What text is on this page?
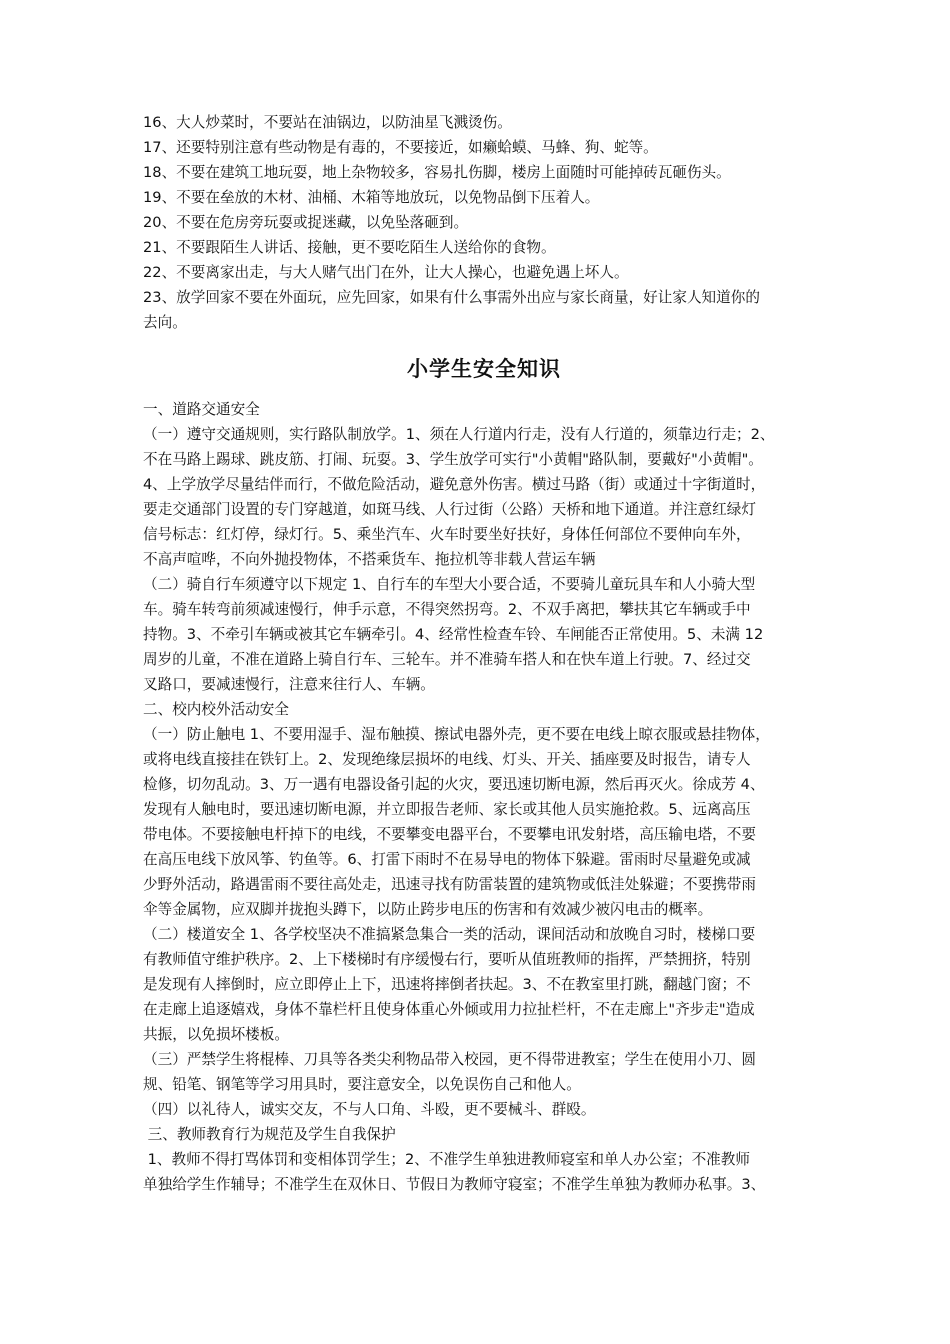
16、大人炒菜时，不要站在油锅边，以防油星飞溅烫伤。

17、还要特别注意有些动物是有毒的，不要接近，如癞蛤蟆、马蜂、狗、蛇等。

18、不要在建筑工地玩耍，地上杂物较多，容易扎伤脚，楼房上面随时可能掉砖瓦砸伤头。

19、不要在垒放的木材、油桶、木箱等地放玩，以免物品倒下压着人。

20、不要在危房旁玩耍或捉迷藏，以免坠落砸到。

21、不要跟陌生人讲话、接触，更不要吃陌生人送给你的食物。

22、不要离家出走，与大人赌气出门在外，让大人操心，也避免遇上坏人。

23、放学回家不要在外面玩，应先回家，如果有什么事需外出应与家长商量，好让家人知道你的

去向。

小学生安全知识

一、道路交通安全

（一）遵守交通规则，实行路队制放学。1、须在人行道内行走，没有人行道的，须靠边行走；2、

不在马路上踢球、跳皮筋、打闹、玩耍。3、学生放学可实行"小黄帽"路队制，要戴好"小黄帽"。

4、上学放学尽量结伴而行，不做危险活动，避免意外伤害。横过马路（街）或通过十字街道时，

要走交通部门设置的专门穿越道，如斑马线、人行过街（公路）天桥和地下通道。并注意红绿灯

信号标志：红灯停，绿灯行。5、乘坐汽车、火车时要坐好扶好，身体任何部位不要伸向车外，

不高声喧哗，不向外抛投物体，不搭乘货车、拖拉机等非载人营运车辆

（二）骑自行车须遵守以下规定 1、自行车的车型大小要合适，不要骑儿童玩具车和人小骑大型

车。骑车转弯前须减速慢行，伸手示意，不得突然拐弯。2、不双手离把，攀扶其它车辆或手中

持物。3、不牵引车辆或被其它车辆牵引。4、经常性检查车铃、车闸能否正常使用。5、未满 12

周岁的儿童，不准在道路上骑自行车、三轮车。并不准骑车搭人和在快车道上行驶。7、经过交

叉路口，要减速慢行，注意来往行人、车辆。

二、校内校外活动安全

（一）防止触电 1、不要用湿手、湿布触摸、擦试电器外壳，更不要在电线上晾衣服或悬挂物体，

或将电线直接挂在铁钉上。2、发现绝缘层损坏的电线、灯头、开关、插座要及时报告，请专人

检修，切勿乱动。3、万一遇有电器设备引起的火灾，要迅速切断电源，然后再灭火。徐成芳 4、

发现有人触电时，要迅速切断电源，并立即报告老师、家长或其他人员实施抢救。5、远离高压

带电体。不要接触电杆掉下的电线，不要攀变电器平台，不要攀电讯发射塔，高压输电塔，不要

在高压电线下放风筝、钓鱼等。6、打雷下雨时不在易导电的物体下躲避。雷雨时尽量避免或减

少野外活动，路遇雷雨不要往高处走，迅速寻找有防雷装置的建筑物或低洼处躲避；不要携带雨

伞等金属物，应双脚并拢抱头蹲下，以防止跨步电压的伤害和有效减少被闪电击的概率。

（二）楼道安全 1、各学校坚决不准搞紧急集合一类的活动，课间活动和放晚自习时，楼梯口要

有教师值守维护秩序。2、上下楼梯时有序缓慢右行，要听从值班教师的指挥，严禁拥挤，特别

是发现有人摔倒时，应立即停止上下，迅速将摔倒者扶起。3、不在教室里打跳，翻越门窗；不

在走廊上追逐嬉戏，身体不靠栏杆且使身体重心外倾或用力拉扯栏杆，不在走廊上"齐步走"造成

共振，以免损坏楼板。

（三）严禁学生将棍棒、刀具等各类尖利物品带入校园，更不得带进教室；学生在使用小刀、圆

规、铅笔、钢笔等学习用具时，要注意安全，以免误伤自己和他人。

（四）以礼待人，诚实交友，不与人口角、斗殴，更不要械斗、群殴。

三、教师教育行为规范及学生自我保护

1、教师不得打骂体罚和变相体罚学生；2、不准学生单独进教师寝室和单人办公室；不准教师

单独给学生作辅导；不准学生在双休日、节假日为教师守寝室；不准学生单独为教师办私事。3、
